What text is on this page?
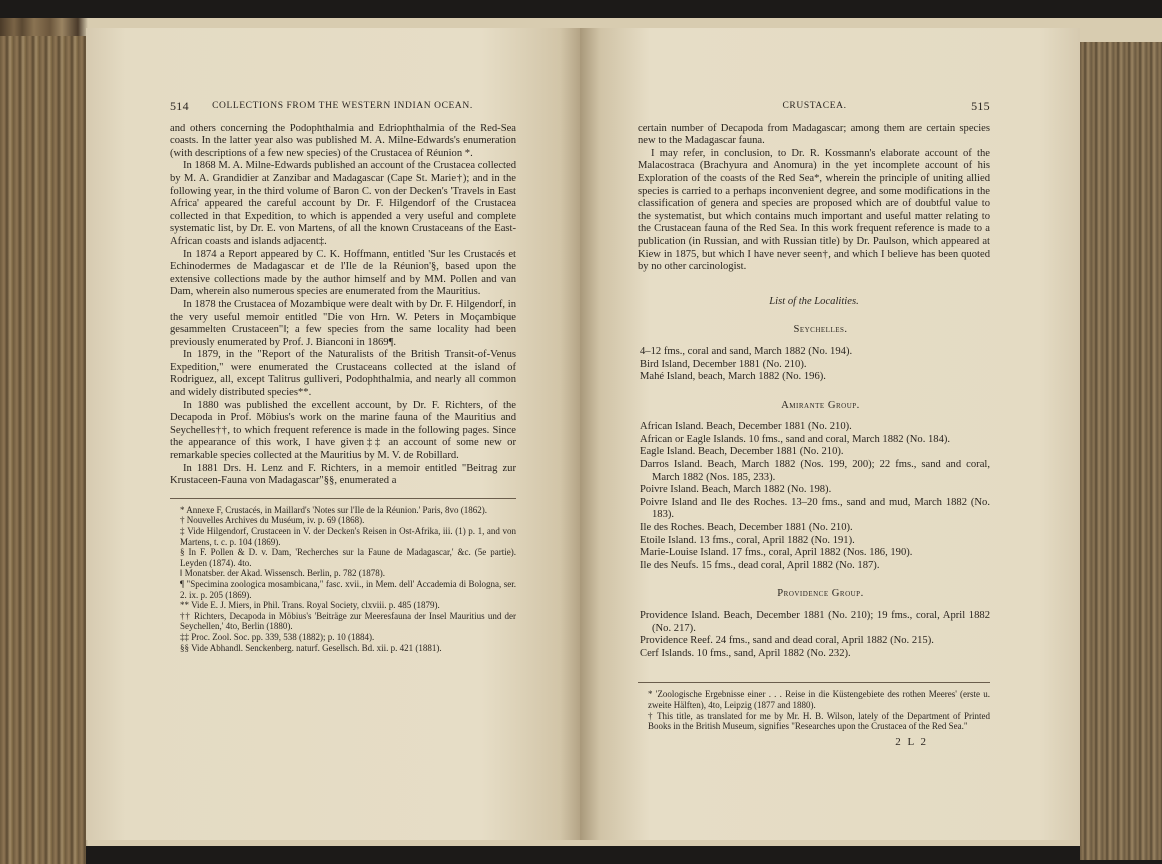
514 COLLECTIONS FROM THE WESTERN INDIAN OCEAN.

and others concerning the Podophthalmia and Edriophthalmia of the Red-Sea coasts. In the latter year also was published M. A. Milne-Edwards's enumeration (with descriptions of a few new species) of the Crustacea of Réunion *.

In 1868 M. A. Milne-Edwards published an account of the Crustacea collected by M. A. Grandidier at Zanzibar and Madagascar (Cape St. Marie†); and in the following year, in the third volume of Baron C. von der Decken's 'Travels in East Africa' appeared the careful account by Dr. F. Hilgendorf of the Crustacea collected in that Expedition, to which is appended a very useful and complete systematic list, by Dr. E. von Martens, of all the known Crustaceans of the East-African coasts and islands adjacent‡.

In 1874 a Report appeared by C. K. Hoffmann, entitled 'Sur les Crustacés et Echinodermes de Madagascar et de l'Ile de la Réunion'§, based upon the extensive collections made by the author himself and by MM. Pollen and van Dam, wherein also numerous species are enumerated from the Mauritius.

In 1878 the Crustacea of Mozambique were dealt with by Dr. F. Hilgendorf, in the very useful memoir entitled "Die von Hrn. W. Peters in Moçambique gesammelten Crustaceen"‖; a few species from the same locality had been previously enumerated by Prof. J. Bianconi in 1869¶.

In 1879, in the "Report of the Naturalists of the British Transit-of-Venus Expedition," were enumerated the Crustaceans collected at the island of Rodriguez, all, except Talitrus gulliveri, Podophthalmia, and nearly all common and widely distributed species**.

In 1880 was published the excellent account, by Dr. F. Richters, of the Decapoda in Prof. Möbius's work on the marine fauna of the Mauritius and Seychelles††, to which frequent reference is made in the following pages. Since the appearance of this work, I have given‡‡ an account of some new or remarkable species collected at the Mauritius by M. V. de Robillard.

In 1881 Drs. H. Lenz and F. Richters, in a memoir entitled "Beitrag zur Krustaceen-Fauna von Madagascar"§§, enumerated a

* Annexe F, Crustacés, in Maillard's 'Notes sur l'Ile de la Réunion.' Paris, 8vo (1862).

† Nouvelles Archives du Muséum, iv. p. 69 (1868).

‡ Vide Hilgendorf, Crustaceen in V. der Decken's Reisen in Ost-Afrika, iii. (1) p. 1, and von Martens, t. c. p. 104 (1869).

§ In F. Pollen & D. v. Dam, 'Recherches sur la Faune de Madagascar,' &c. (5e partie). Leyden (1874). 4to.

‖ Monatsber. der Akad. Wissensch. Berlin, p. 782 (1878).

¶ "Specimina zoologica mosambicana," fasc. xvii., in Mem. dell' Accademia di Bologna, ser. 2. ix. p. 205 (1869).

** Vide E. J. Miers, in Phil. Trans. Royal Society, clxviii. p. 485 (1879).

†† Richters, Decapoda in Möbius's 'Beiträge zur Meeresfauna der Insel Mauritius und der Seychellen,' 4to, Berlin (1880).

‡‡ Proc. Zool. Soc. pp. 339, 538 (1882); p. 10 (1884).

§§ Vide Abhandl. Senckenberg. naturf. Gesellsch. Bd. xii. p. 421 (1881).

CRUSTACEA.	515

certain number of Decapoda from Madagascar; among them are certain species new to the Madagascar fauna.

I may refer, in conclusion, to Dr. R. Kossmann's elaborate account of the Malacostraca (Brachyura and Anomura) in the yet incomplete account of his Exploration of the coasts of the Red Sea*, wherein the principle of uniting allied species is carried to a perhaps inconvenient degree, and some modifications in the classification of genera and species are proposed which are of doubtful value to the systematist, but which contains much important and useful matter relating to the Crustacean fauna of the Red Sea. In this work frequent reference is made to a publication (in Russian, and with Russian title) by Dr. Paulson, which appeared at Kiew in 1875, but which I have never seen†, and which I believe has been quoted by no other carcinologist.

List of the Localities.

Seychelles.

4–12 fms., coral and sand, March 1882 (No. 194).

Bird Island, December 1881 (No. 210).

Mahé Island, beach, March 1882 (No. 196).

Amirante Group.

African Island. Beach, December 1881 (No. 210).

African or Eagle Islands. 10 fms., sand and coral, March 1882 (No. 184).

Eagle Island. Beach, December 1881 (No. 210).

Darros Island. Beach, March 1882 (Nos. 199, 200); 22 fms., sand and coral, March 1882 (Nos. 185, 233).

Poivre Island. Beach, March 1882 (No. 198).

Poivre Island and Ile des Roches. 13–20 fms., sand and mud, March 1882 (No. 183).

Ile des Roches. Beach, December 1881 (No. 210).

Etoile Island. 13 fms., coral, April 1882 (No. 191).

Marie-Louise Island. 17 fms., coral, April 1882 (Nos. 186, 190).

Ile des Neufs. 15 fms., dead coral, April 1882 (No. 187).

Providence Group.

Providence Island. Beach, December 1881 (No. 210); 19 fms., coral, April 1882 (No. 217).

Providence Reef. 24 fms., sand and dead coral, April 1882 (No. 215).

Cerf Islands. 10 fms., sand, April 1882 (No. 232).

* 'Zoologische Ergebnisse einer . . . Reise in die Küstengebiete des rothen Meeres' (erste u. zweite Hälften), 4to, Leipzig (1877 and 1880).

† This title, as translated for me by Mr. H. B. Wilson, lately of the Department of Printed Books in the British Museum, signifies "Researches upon the Crustacea of the Red Sea."

2 L 2
